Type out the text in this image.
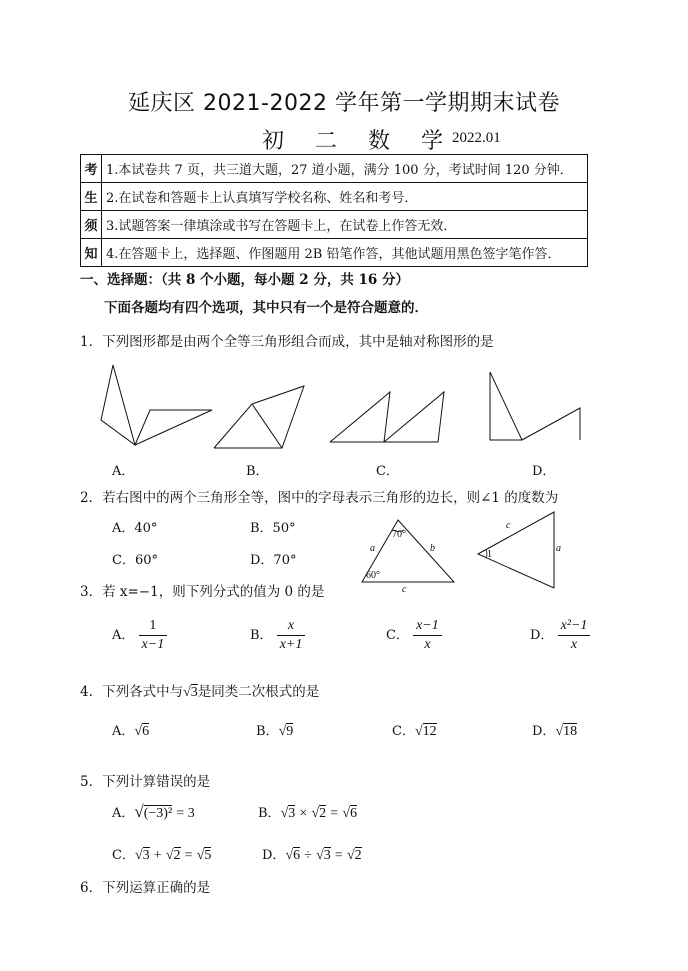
延庆区 2021-2022 学年第一学期期末试卷
初 二 数 学
2022.01
考	1.本试卷共 7 页，共三道大题，27 道小题，满分 100 分，考试时间 120 分钟．
生	2.在试卷和答题卡上认真填写学校名称、姓名和考号．
须	3.试题答案一律填涂或书写在答题卡上，在试卷上作答无效．
知	4.在答题卡上，选择题、作图题用 2B 铅笔作答，其他试题用黑色签字笔作答．
一、选择题：（共 8 个小题，每小题 2 分，共 16 分）
下面各题均有四个选项，其中只有一个是符合题意的．
1．下列图形都是由两个全等三角形组合而成，其中是轴对称图形的是
A．	B．	C．	D．
2．若右图中的两个三角形全等，图中的字母表示三角形的边长，则∠1 的度数为
A．40°	B．50°
C．60°	D．70°
70°
60°
a	b
c
1
c
a
3．若 x=−1，则下列分式的值为 0 的是
A． $\frac{1}{x-1}$	B． $\frac{x}{x+1}$	C． $\frac{x-1}{x}$	D． $\frac{\text{x²−1}}{x}$
4．下列各式中与√3是同类二次根式的是
A．√6	B．√9	C．√12	D．√18
5．下列计算错误的是
A．√(−3)² = 3	B．√3 × √2 = √6
C．√3 + √2 = √5	D．√6 ÷ √3 = √2
6．下列运算正确的是
